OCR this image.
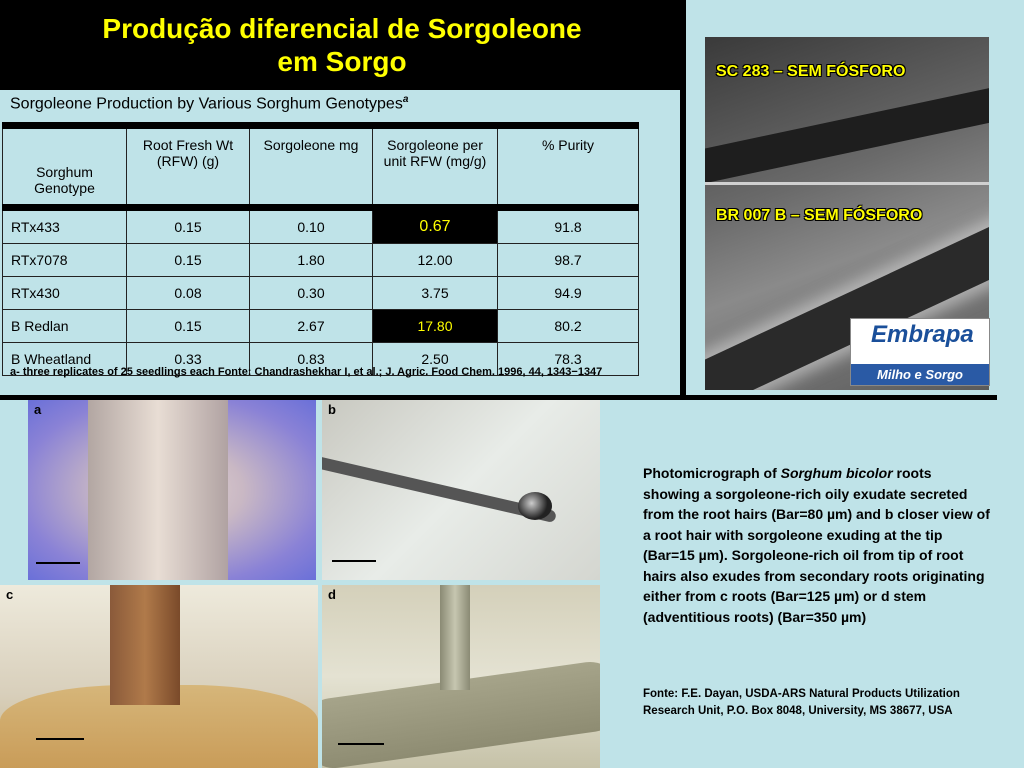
Produção diferencial de Sorgoleone
em Sorgo
Sorgoleone Production by Various Sorghum Genotypes$^a$
Sorghum Genotype	Root Fresh Wt (RFW) (g)	Sorgoleone mg	Sorgoleone per unit RFW (mg/g)	% Purity
RTx433	0.15	0.10	0.67	91.8
RTx7078	0.15	1.80	12.00	98.7
RTx430	0.08	0.30	3.75	94.9
B Redlan	0.15	2.67	17.80	80.2
B Wheatland	0.33	0.83	2.50	78.3
a- three replicates of 25 seedlings each Fonte: Chandrashekhar I, et al.; J. Agric. Food Chem. 1996, 44, 1343−1347
SC 283 – SEM FÓSFORO
BR 007 B – SEM FÓSFORO
Embrapa
Milho e Sorgo
a	b
c	d
Photomicrograph of Sorghum bicolor roots showing a sorgoleone-rich oily exudate secreted from the root hairs (Bar=80 µm) and b closer view of a root hair with sorgoleone exuding at the tip (Bar=15 µm). Sorgoleone-rich oil from tip of root hairs also exudes from secondary roots originating either from c roots (Bar=125 µm) or d stem (adventitious roots) (Bar=350 µm)
Fonte: F.E. Dayan, USDA-ARS Natural Products Utilization Research Unit, P.O. Box 8048, University, MS 38677, USA
